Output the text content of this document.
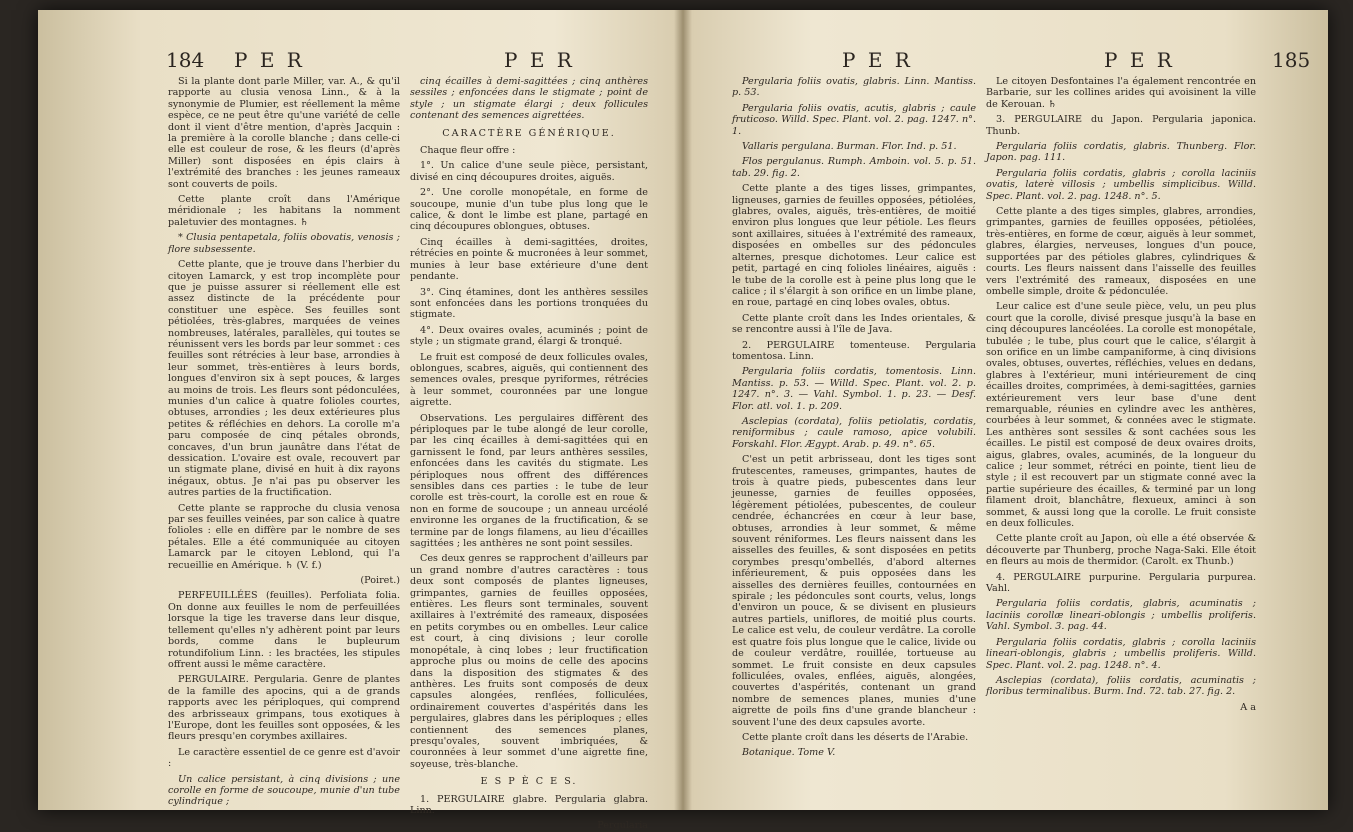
184 P E R	P E R

Si la plante dont parle Miller, var. A., & qu'il rapporte au clusia venosa Linn., & à la synonymie de Plumier, est réellement la même espèce, ce ne peut être qu'une variété de celle dont il vient d'être mention, d'après Jacquin : la première à la corolle blanche ; dans celle-ci elle est couleur de rose, & les fleurs (d'après Miller) sont disposées en épis clairs à l'extrémité des branches : les jeunes rameaux sont couverts de poils.

Cette plante croît dans l'Amérique méridionale ; les habitans la nomment paletuvier des montagnes. ♄

* Clusia pentapetala, foliis obovatis, venosis ; flore subsessente.

Cette plante, que je trouve dans l'herbier du citoyen Lamarck, y est trop incomplète pour que je puisse assurer si réellement elle est assez distincte de la précédente pour constituer une espèce. Ses feuilles sont pétiolées, très-glabres, marquées de veines nombreuses, latérales, parallèles, qui toutes se réunissent vers les bords par leur sommet : ces feuilles sont rétrécies à leur base, arrondies à leur sommet, très-entières à leurs bords, longues d'environ six à sept pouces, & larges au moins de trois. Les fleurs sont pédonculées, munies d'un calice à quatre folioles courtes, obtuses, arrondies ; les deux extérieures plus petites & réfléchies en dehors. La corolle m'a paru composée de cinq pétales obronds, concaves, d'un brun jaunâtre dans l'état de dessication. L'ovaire est ovale, recouvert par un stigmate plane, divisé en huit à dix rayons inégaux, obtus. Je n'ai pas pu observer les autres parties de la fructification.

Cette plante se rapproche du clusia venosa par ses feuilles veinées, par son calice à quatre folioles : elle en diffère par le nombre de ses pétales. Elle a été communiquée au citoyen Lamarck par le citoyen Leblond, qui l'a recueillie en Amérique. ♄ (V. f.)

(Poiret.)

PERFEUILLÉES (feuilles). Perfoliata folia. On donne aux feuilles le nom de perfeuillées lorsque la tige les traverse dans leur disque, tellement qu'elles n'y adhèrent point par leurs bords, comme dans le bupleurum rotundifolium Linn. : les bractées, les stipules offrent aussi le même caractère.

PERGULAIRE. Pergularia. Genre de plantes de la famille des apocins, qui a de grands rapports avec les périploques, qui comprend des arbrisseaux grimpans, tous exotiques à l'Europe, dont les feuilles sont opposées, & les fleurs presqu'en corymbes axillaires.

Le caractère essentiel de ce genre est d'avoir :

Un calice persistant, à cinq divisions ; une corolle en forme de soucoupe, munie d'un tube cylindrique ;

cinq écailles à demi-sagittées ; cinq anthères sessiles ; enfoncées dans le stigmate ; point de style ; un stigmate élargi ; deux follicules contenant des semences aigrettées.

CARACTÈRE GÉNÉRIQUE.

Chaque fleur offre :

1°. Un calice d'une seule pièce, persistant, divisé en cinq découpures droites, aiguës.

2°. Une corolle monopétale, en forme de soucoupe, munie d'un tube plus long que le calice, & dont le limbe est plane, partagé en cinq découpures oblongues, obtuses.

Cinq écailles à demi-sagittées, droites, rétrécies en pointe & mucronées à leur sommet, munies à leur base extérieure d'une dent pendante.

3°. Cinq étamines, dont les anthères sessiles sont enfoncées dans les portions tronquées du stigmate.

4°. Deux ovaires ovales, acuminés ; point de style ; un stigmate grand, élargi & tronqué.

Le fruit est composé de deux follicules ovales, oblongues, scabres, aiguës, qui contiennent des semences ovales, presque pyriformes, rétrécies à leur sommet, couronnées par une longue aigrette.

Observations. Les pergulaires diffèrent des périploques par le tube alongé de leur corolle, par les cinq écailles à demi-sagittées qui en garnissent le fond, par leurs anthères sessiles, enfoncées dans les cavités du stigmate. Les périploques nous offrent des différences sensibles dans ces parties : le tube de leur corolle est très-court, la corolle est en roue & non en forme de soucoupe ; un anneau urcéolé environne les organes de la fructification, & se termine par de longs filamens, au lieu d'écailles sagittées ; les anthères ne sont point sessiles.

Ces deux genres se rapprochent d'ailleurs par un grand nombre d'autres caractères : tous deux sont composés de plantes ligneuses, grimpantes, garnies de feuilles opposées, entières. Les fleurs sont terminales, souvent axillaires à l'extrémité des rameaux, disposées en petits corymbes ou en ombelles. Leur calice est court, à cinq divisions ; leur corolle monopétale, à cinq lobes ; leur fructification approche plus ou moins de celle des apocins dans la disposition des stigmates & des anthères. Les fruits sont composés de deux capsules alongées, renflées, folliculées, ordinairement couvertes d'aspérités dans les pergulaires, glabres dans les périploques ; elles contiennent des semences planes, presqu'ovales, souvent imbriquées, & couronnées à leur sommet d'une aigrette fine, soyeuse, très-blanche.

E S P È C E S.

1. PERGULAIRE glabre. Pergularia glabra. Linn.

Pergularia

P E R	P E R	185

Pergularia foliis ovatis, glabris. Linn. Mantiss. p. 53.

Pergularia foliis ovatis, acutis, glabris ; caule fruticoso. Willd. Spec. Plant. vol. 2. pag. 1247. n°. 1.

Vallaris pergulana. Burman. Flor. Ind. p. 51.

Flos pergulanus. Rumph. Amboin. vol. 5. p. 51. tab. 29. fig. 2.

Cette plante a des tiges lisses, grimpantes, ligneuses, garnies de feuilles opposées, pétiolées, glabres, ovales, aiguës, très-entières, de moitié environ plus longues que leur pétiole. Les fleurs sont axillaires, situées à l'extrémité des rameaux, disposées en ombelles sur des pédoncules alternes, presque dichotomes. Leur calice est petit, partagé en cinq folioles linéaires, aiguës : le tube de la corolle est à peine plus long que le calice ; il s'élargit à son orifice en un limbe plane, en roue, partagé en cinq lobes ovales, obtus.

Cette plante croît dans les Indes orientales, & se rencontre aussi à l'île de Java.

2. PERGULAIRE tomenteuse. Pergularia tomentosa. Linn.

Pergularia foliis cordatis, tomentosis. Linn. Mantiss. p. 53. — Willd. Spec. Plant. vol. 2. p. 1247. n°. 3. — Vahl. Symbol. 1. p. 23. — Desf. Flor. atl. vol. 1. p. 209.

Asclepias (cordata), foliis petiolatis, cordatis, reniformibus ; caule ramoso, apice volubili. Forskahl. Flor. Ægypt. Arab. p. 49. n°. 65.

C'est un petit arbrisseau, dont les tiges sont frutescentes, rameuses, grimpantes, hautes de trois à quatre pieds, pubescentes dans leur jeunesse, garnies de feuilles opposées, légèrement pétiolées, pubescentes, de couleur cendrée, échancrées en cœur à leur base, obtuses, arrondies à leur sommet, & même souvent réniformes. Les fleurs naissent dans les aisselles des feuilles, & sont disposées en petits corymbes presqu'ombellés, d'abord alternes inférieurement, & puis opposées dans les aisselles des dernières feuilles, contournées en spirale ; les pédoncules sont courts, velus, longs d'environ un pouce, & se divisent en plusieurs autres partiels, uniflores, de moitié plus courts. Le calice est velu, de couleur verdâtre. La corolle est quatre fois plus longue que le calice, livide ou de couleur verdâtre, rouillée, tortueuse au sommet. Le fruit consiste en deux capsules folliculées, ovales, enflées, aiguës, alongées, couvertes d'aspérités, contenant un grand nombre de semences planes, munies d'une aigrette de poils fins d'une grande blancheur : souvent l'une des deux capsules avorte.

Cette plante croît dans les déserts de l'Arabie.

Botanique. Tome V.

Le citoyen Desfontaines l'a également rencontrée en Barbarie, sur les collines arides qui avoisinent la ville de Kerouan. ♄

3. PERGULAIRE du Japon. Pergularia japonica. Thunb.

Pergularia foliis cordatis, glabris. Thunberg. Flor. Japon. pag. 111.

Pergularia foliis cordatis, glabris ; corolla laciniis ovatis, laterè villosis ; umbellis simplicibus. Willd. Spec. Plant. vol. 2. pag. 1248. n°. 5.

Cette plante a des tiges simples, glabres, arrondies, grimpantes, garnies de feuilles opposées, pétiolées, très-entières, en forme de cœur, aiguës à leur sommet, glabres, élargies, nerveuses, longues d'un pouce, supportées par des pétioles glabres, cylindriques & courts. Les fleurs naissent dans l'aisselle des feuilles vers l'extrémité des rameaux, disposées en une ombelle simple, droite & pédonculée.

Leur calice est d'une seule pièce, velu, un peu plus court que la corolle, divisé presque jusqu'à la base en cinq découpures lancéolées. La corolle est monopétale, tubulée ; le tube, plus court que le calice, s'élargit à son orifice en un limbe campaniforme, à cinq divisions ovales, obtuses, ouvertes, réfléchies, velues en dedans, glabres à l'extérieur, muni intérieurement de cinq écailles droites, comprimées, à demi-sagittées, garnies extérieurement vers leur base d'une dent remarquable, réunies en cylindre avec les anthères, courbées à leur sommet, & connées avec le stigmate. Les anthères sont sessiles & sont cachées sous les écailles. Le pistil est composé de deux ovaires droits, aigus, glabres, ovales, acuminés, de la longueur du calice ; leur sommet, rétréci en pointe, tient lieu de style ; il est recouvert par un stigmate conné avec la partie supérieure des écailles, & terminé par un long filament droit, blanchâtre, flexueux, aminci à son sommet, & aussi long que la corolle. Le fruit consiste en deux follicules.

Cette plante croît au Japon, où elle a été observée & découverte par Thunberg, proche Naga-Saki. Elle étoit en fleurs au mois de thermidor. (Carolt. ex Thunb.)

4. PERGULAIRE purpurine. Pergularia purpurea. Vahl.

Pergularia foliis cordatis, glabris, acuminatis ; laciniis corollæ lineari-oblongis ; umbellis proliferis. Vahl. Symbol. 3. pag. 44.

Pergularia foliis cordatis, glabris ; corolla laciniis lineari-oblongis, glabris ; umbellis proliferis. Willd. Spec. Plant. vol. 2. pag. 1248. n°. 4.

Asclepias (cordata), foliis cordatis, acuminatis ; floribus terminalibus. Burm. Ind. 72. tab. 27. fig. 2.

A a
